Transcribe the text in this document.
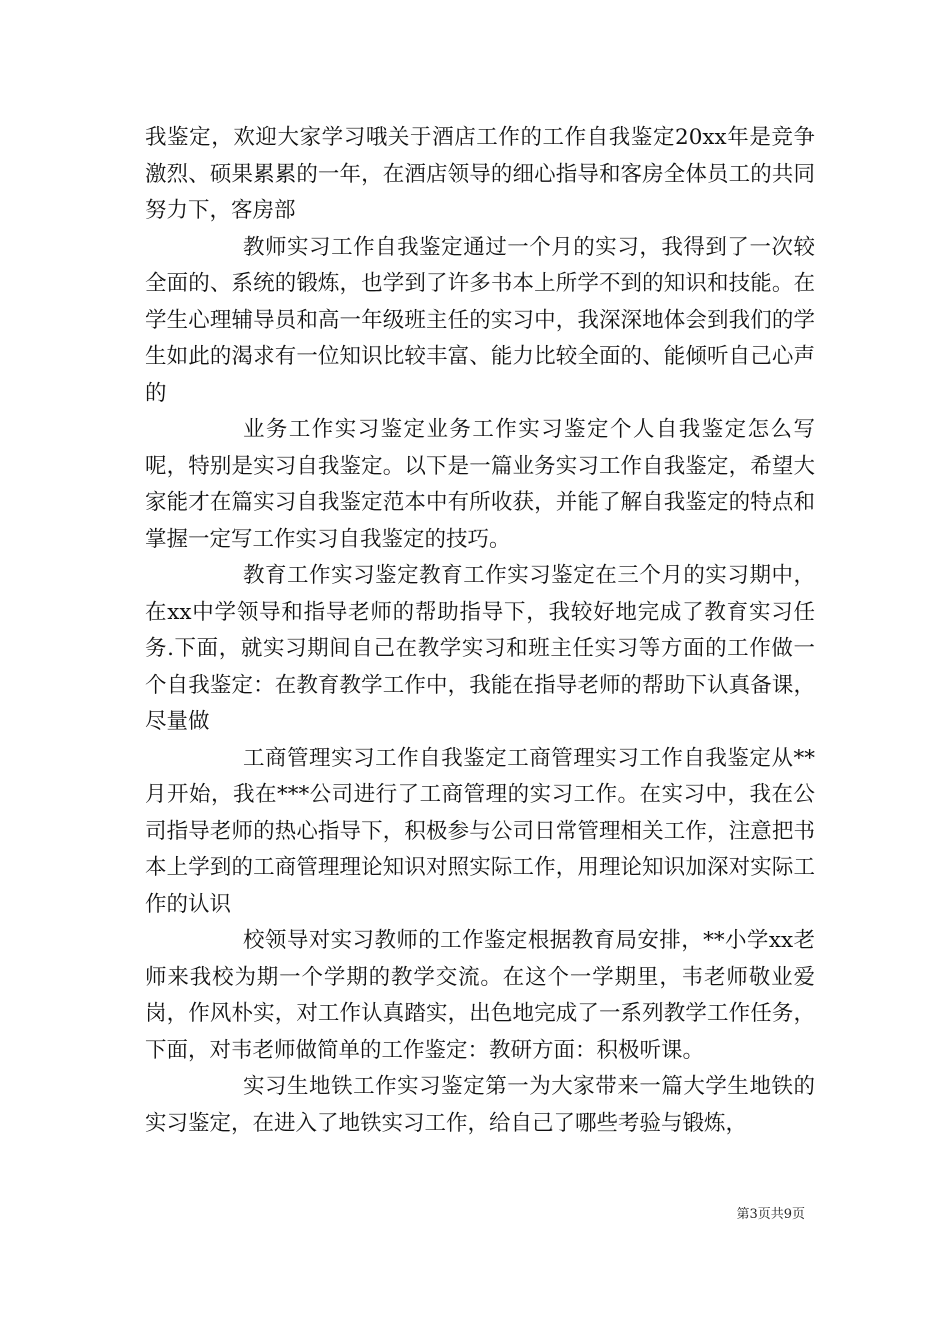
我鉴定，欢迎大家学习哦关于酒店工作的工作自我鉴定20xx年是竞争激烈、硕果累累的一年，在酒店领导的细心指导和客房全体员工的共同努力下，客房部

教师实习工作自我鉴定通过一个月的实习，我得到了一次较全面的、系统的锻炼，也学到了许多书本上所学不到的知识和技能。在学生心理辅导员和高一年级班主任的实习中，我深深地体会到我们的学生如此的渴求有一位知识比较丰富、能力比较全面的、能倾听自己心声的

业务工作实习鉴定业务工作实习鉴定个人自我鉴定怎么写呢，特别是实习自我鉴定。以下是一篇业务实习工作自我鉴定，希望大家能才在篇实习自我鉴定范本中有所收获，并能了解自我鉴定的特点和掌握一定写工作实习自我鉴定的技巧。

教育工作实习鉴定教育工作实习鉴定在三个月的实习期中，在xx中学领导和指导老师的帮助指导下，我较好地完成了教育实习任务.下面，就实习期间自己在教学实习和班主任实习等方面的工作做一个自我鉴定：在教育教学工作中，我能在指导老师的帮助下认真备课，尽量做

工商管理实习工作自我鉴定工商管理实习工作自我鉴定从**月开始，我在***公司进行了工商管理的实习工作。在实习中，我在公司指导老师的热心指导下，积极参与公司日常管理相关工作，注意把书本上学到的工商管理理论知识对照实际工作，用理论知识加深对实际工作的认识

校领导对实习教师的工作鉴定根据教育局安排，**小学xx老师来我校为期一个学期的教学交流。在这个一学期里，韦老师敬业爱岗，作风朴实，对工作认真踏实，出色地完成了一系列教学工作任务，下面，对韦老师做简单的工作鉴定：教研方面：积极听课。

实习生地铁工作实习鉴定第一为大家带来一篇大学生地铁的实习鉴定，在进入了地铁实习工作，给自己了哪些考验与锻炼，

第3页共9页
